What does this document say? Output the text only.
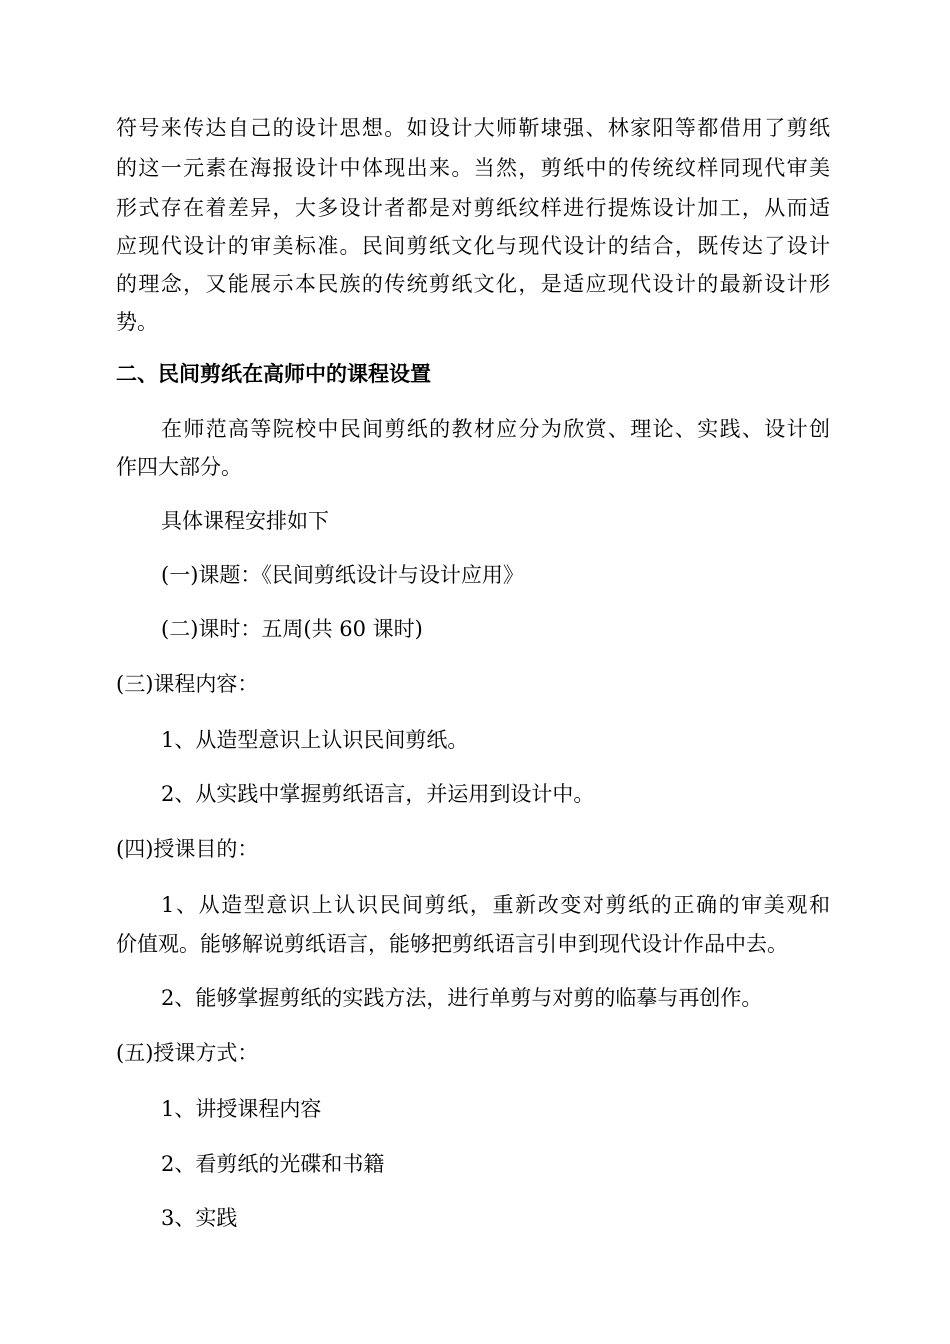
符号来传达自己的设计思想。如设计大师靳埭强、林家阳等都借用了剪纸

的这一元素在海报设计中体现出来。当然，剪纸中的传统纹样同现代审美

形式存在着差异，大多设计者都是对剪纸纹样进行提炼设计加工，从而适

应现代设计的审美标准。民间剪纸文化与现代设计的结合，既传达了设计

的理念，又能展示本民族的传统剪纸文化，是适应现代设计的最新设计形

势。

二、民间剪纸在高师中的课程设置

在师范高等院校中民间剪纸的教材应分为欣赏、理论、实践、设计创

作四大部分。

具体课程安排如下

(一)课题：《民间剪纸设计与设计应用》

(二)课时：五周(共 60 课时)

(三)课程内容：

1、从造型意识上认识民间剪纸。

2、从实践中掌握剪纸语言，并运用到设计中。

(四)授课目的：

1、从造型意识上认识民间剪纸，重新改变对剪纸的正确的审美观和

价值观。能够解说剪纸语言，能够把剪纸语言引申到现代设计作品中去。

2、能够掌握剪纸的实践方法，进行单剪与对剪的临摹与再创作。

(五)授课方式：

1、讲授课程内容

2、看剪纸的光碟和书籍

3、实践
